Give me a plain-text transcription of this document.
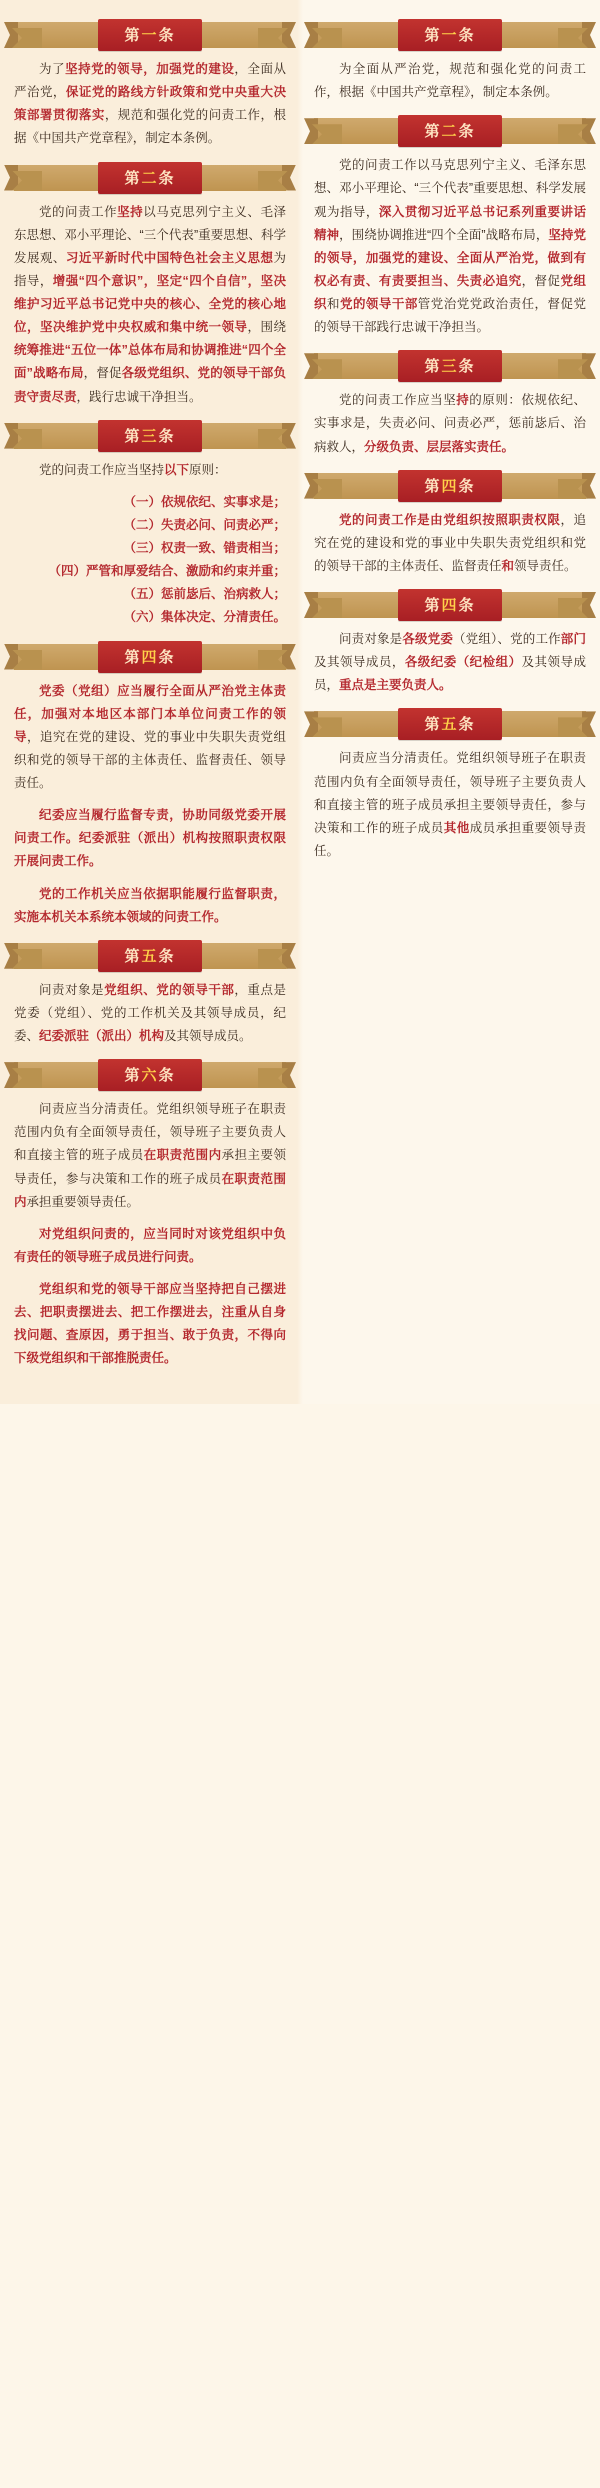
第一条

为了坚持党的领导，加强党的建设，全面从严治党，保证党的路线方针政策和党中央重大决策部署贯彻落实，规范和强化党的问责工作，根据《中国共产党章程》，制定本条例。

第二条

党的问责工作坚持以马克思列宁主义、毛泽东思想、邓小平理论、“三个代表”重要思想、科学发展观、习近平新时代中国特色社会主义思想为指导，增强“四个意识”，坚定“四个自信”，坚决维护习近平总书记党中央的核心、全党的核心地位，坚决维护党中央权威和集中统一领导，围绕统筹推进“五位一体”总体布局和协调推进“四个全面”战略布局，督促各级党组织、党的领导干部负责守责尽责，践行忠诚干净担当。

第三条

党的问责工作应当坚持以下原则：

（一）依规依纪、实事求是；

（二）失责必问、问责必严；

（三）权责一致、错责相当；

（四）严管和厚爱结合、激励和约束并重；

（五）惩前毖后、治病救人；

（六）集体决定、分清责任。

第四条

党委（党组）应当履行全面从严治党主体责任，加强对本地区本部门本单位问责工作的领导，追究在党的建设、党的事业中失职失责党组织和党的领导干部的主体责任、监督责任、领导责任。

纪委应当履行监督专责，协助同级党委开展问责工作。纪委派驻（派出）机构按照职责权限开展问责工作。

党的工作机关应当依据职能履行监督职责，实施本机关本系统本领域的问责工作。

第五条

问责对象是党组织、党的领导干部，重点是党委（党组）、党的工作机关及其领导成员，纪委、纪委派驻（派出）机构及其领导成员。

第六条

问责应当分清责任。党组织领导班子在职责范围内负有全面领导责任，领导班子主要负责人和直接主管的班子成员在职责范围内承担主要领导责任，参与决策和工作的班子成员在职责范围内承担重要领导责任。

对党组织问责的，应当同时对该党组织中负有责任的领导班子成员进行问责。

党组织和党的领导干部应当坚持把自己摆进去、把职责摆进去、把工作摆进去，注重从自身找问题、查原因，勇于担当、敢于负责，不得向下级党组织和干部推脱责任。

第一条

为全面从严治党，规范和强化党的问责工作，根据《中国共产党章程》，制定本条例。

第二条

党的问责工作以马克思列宁主义、毛泽东思想、邓小平理论、“三个代表”重要思想、科学发展观为指导，深入贯彻习近平总书记系列重要讲话精神，围绕协调推进“四个全面”战略布局，坚持党的领导，加强党的建设、全面从严治党，做到有权必有责、有责要担当、失责必追究，督促党组织和党的领导干部管党治党党政治责任，督促党的领导干部践行忠诚干净担当。

第三条

党的问责工作应当坚持的原则：依规依纪、实事求是，失责必问、问责必严，惩前毖后、治病救人，分级负责、层层落实责任。

第四条

党的问责工作是由党组织按照职责权限，追究在党的建设和党的事业中失职失责党组织和党的领导干部的主体责任、监督责任和领导责任。

第四条

问责对象是各级党委（党组）、党的工作部门及其领导成员，各级纪委（纪检组）及其领导成员，重点是主要负责人。

第五条

问责应当分清责任。党组织领导班子在职责范围内负有全面领导责任，领导班子主要负责人和直接主管的班子成员承担主要领导责任，参与决策和工作的班子成员其他成员承担重要领导责任。
